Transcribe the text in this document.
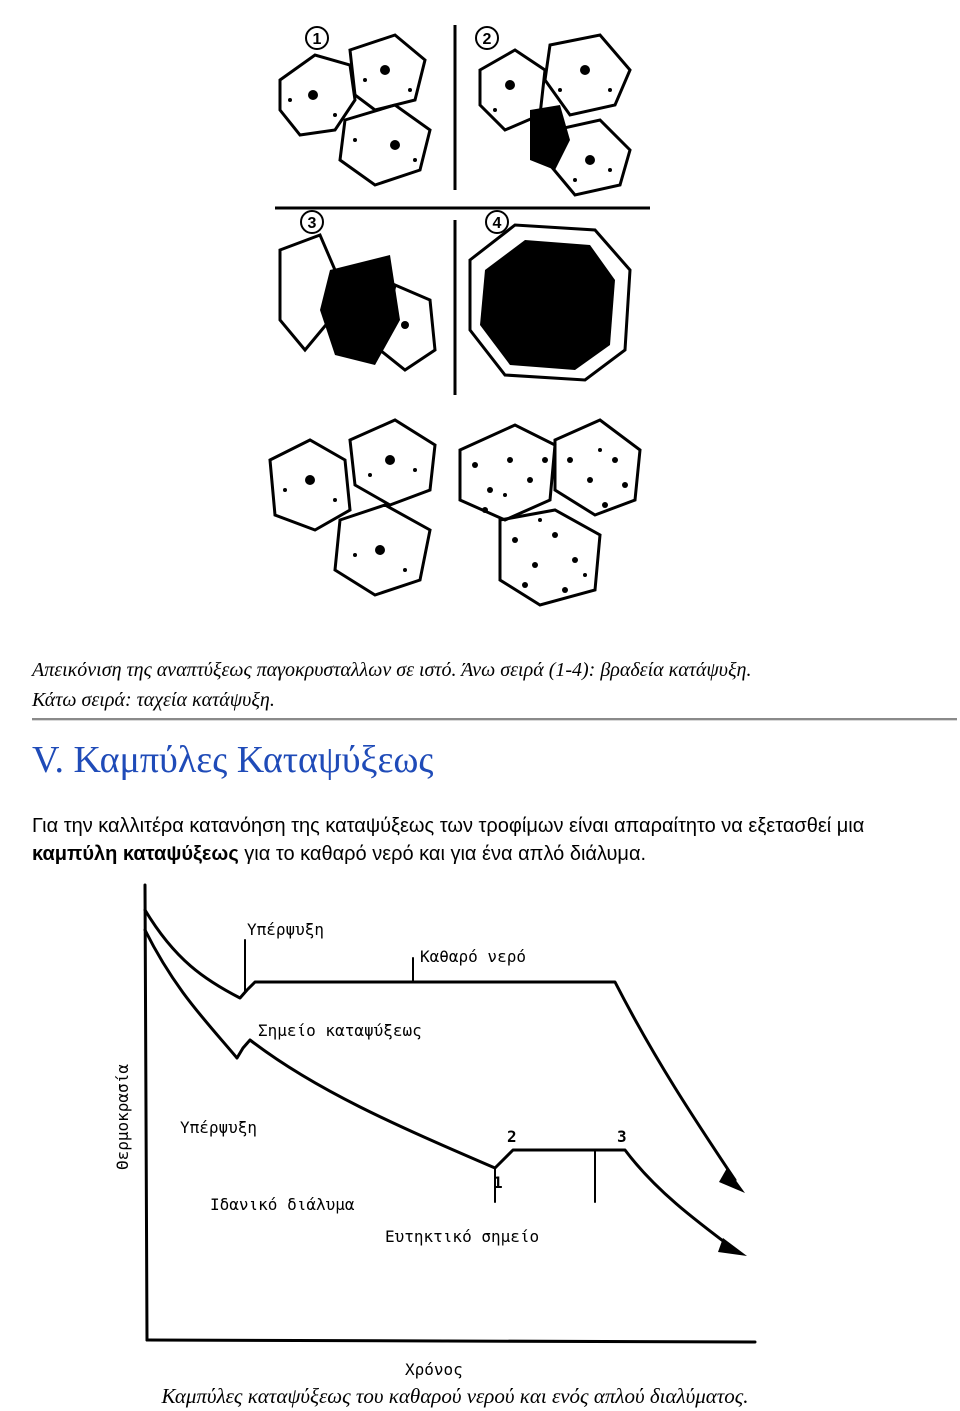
1	2
3	4
Απεικόνιση της αναπτύξεως παγοκρυσταλλων σε ιστό. Άνω σειρά (1-4): βραδεία κατάψυξη.
Κάτω σειρά: ταχεία κατάψυξη.
V. Καμπύλες Καταψύξεως
Για την καλλιτέρα κατανόηση της καταψύξεως των τροφίμων είναι απαραίτητο να εξετασθεί μια καμπύλη καταψύξεως για το καθαρό νερό και για ένα απλό διάλυμα.
Υπέρψυξη
Καθαρό νερό
Σημείο καταψύξεως
Υπέρψυξη
Ιδανικό διάλυμα
Ευτηκτικό σημείο
1
2	3
Θερμοκρασία
Χρόνος
Καμπύλες καταψύξεως του καθαρού νερού και ενός απλού διαλύματος.
